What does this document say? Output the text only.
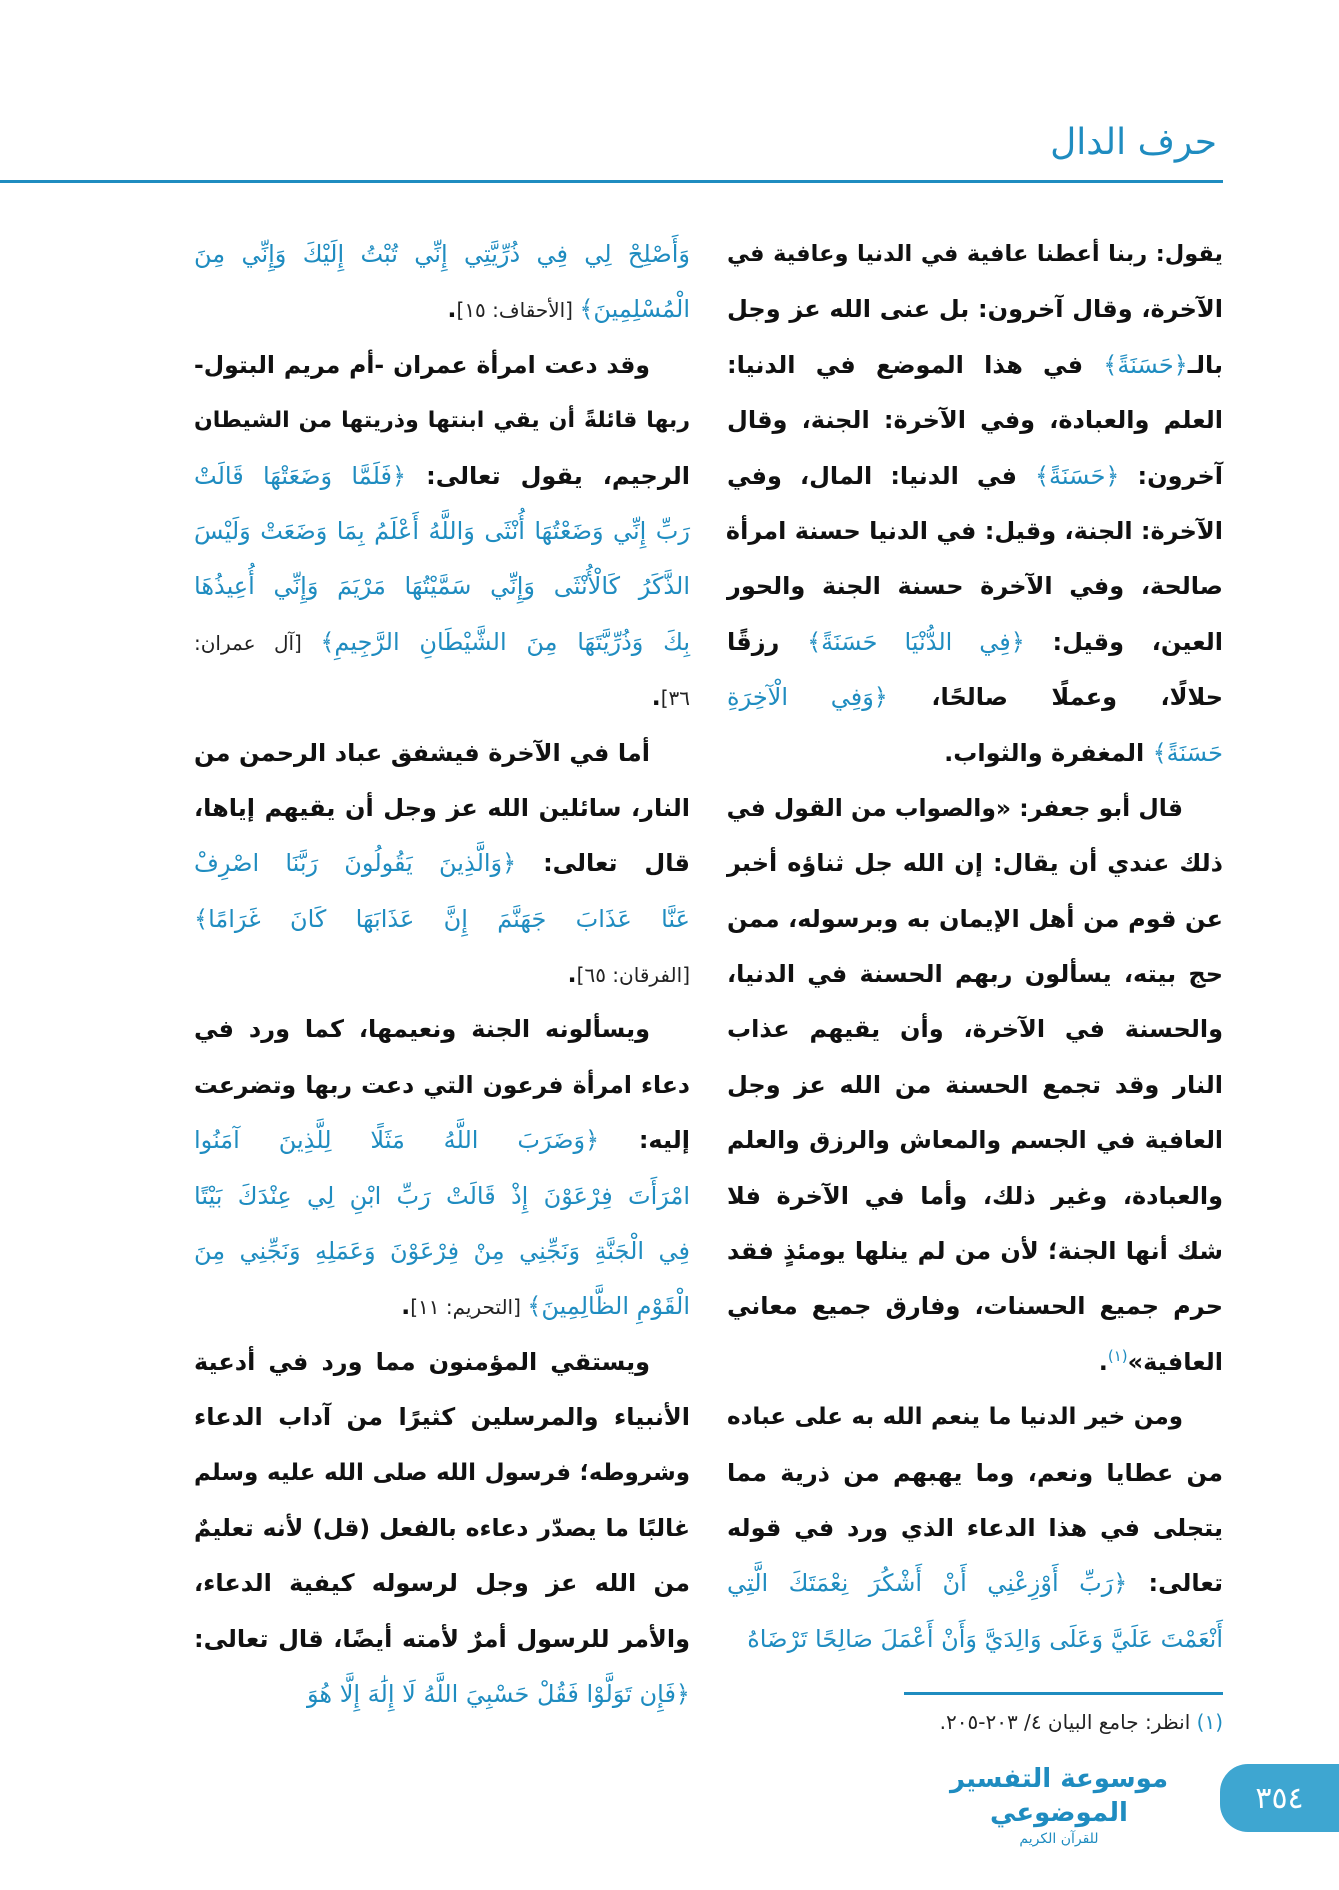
حرف الدال
يقول: ربنا أعطنا عافية في الدنيا وعافية في
الآخرة، وقال آخرون: بل عنى الله عز وجل
بالـ﴿حَسَنَةً﴾ في هذا الموضع في الدنيا:
العلم والعبادة، وفي الآخرة: الجنة، وقال
آخرون: ﴿حَسَنَةً﴾ في الدنيا: المال، وفي
الآخرة: الجنة، وقيل: في الدنيا حسنة امرأة
صالحة، وفي الآخرة حسنة الجنة والحور
العين، وقيل: ﴿فِي الدُّنْيَا حَسَنَةً﴾ رزقًا
حلالًا، وعملًا صالحًا، ﴿وَفِي الْآخِرَةِ
حَسَنَةً﴾ المغفرة والثواب.
قال أبو جعفر: «والصواب من القول في
ذلك عندي أن يقال: إن الله جل ثناؤه أخبر
عن قوم من أهل الإيمان به وبرسوله، ممن
حج بيته، يسألون ربهم الحسنة في الدنيا،
والحسنة في الآخرة، وأن يقيهم عذاب
النار وقد تجمع الحسنة من الله عز وجل
العافية في الجسم والمعاش والرزق والعلم
والعبادة، وغير ذلك، وأما في الآخرة فلا
شك أنها الجنة؛ لأن من لم ينلها يومئذٍ فقد
حرم جميع الحسنات، وفارق جميع معاني
العافية»$^{(١)}$.
ومن خير الدنيا ما ينعم الله به على عباده
من عطايا ونعم، وما يهبهم من ذرية مما
يتجلى في هذا الدعاء الذي ورد في قوله
تعالى: ﴿رَبِّ أَوْزِعْنِي أَنْ أَشْكُرَ نِعْمَتَكَ الَّتِي
أَنْعَمْتَ عَلَيَّ وَعَلَى وَالِدَيَّ وَأَنْ أَعْمَلَ صَالِحًا تَرْضَاهُ
وَأَصْلِحْ لِي فِي ذُرِّيَّتِي إِنِّي تُبْتُ إِلَيْكَ وَإِنِّي مِنَ
الْمُسْلِمِينَ﴾ [الأحقاف: ١٥].
وقد دعت امرأة عمران -أم مريم البتول-
ربها قائلةً أن يقي ابنتها وذريتها من الشيطان
الرجيم، يقول تعالى: ﴿فَلَمَّا وَضَعَتْهَا قَالَتْ
رَبِّ إِنِّي وَضَعْتُهَا أُنْثَى وَاللَّهُ أَعْلَمُ بِمَا وَضَعَتْ وَلَيْسَ
الذَّكَرُ كَالْأُنْثَى وَإِنِّي سَمَّيْتُهَا مَرْيَمَ وَإِنِّي أُعِيذُهَا
بِكَ وَذُرِّيَّتَهَا مِنَ الشَّيْطَانِ الرَّجِيمِ﴾ [آل عمران:
٣٦].
أما في الآخرة فيشفق عباد الرحمن من
النار، سائلين الله عز وجل أن يقيهم إياها،
قال تعالى: ﴿وَالَّذِينَ يَقُولُونَ رَبَّنَا اصْرِفْ
عَنَّا عَذَابَ جَهَنَّمَ إِنَّ عَذَابَهَا كَانَ غَرَامًا﴾
[الفرقان: ٦٥].
ويسألونه الجنة ونعيمها، كما ورد في
دعاء امرأة فرعون التي دعت ربها وتضرعت
إليه: ﴿وَضَرَبَ اللَّهُ مَثَلًا لِلَّذِينَ آمَنُوا
امْرَأَتَ فِرْعَوْنَ إِذْ قَالَتْ رَبِّ ابْنِ لِي عِنْدَكَ بَيْتًا
فِي الْجَنَّةِ وَنَجِّنِي مِنْ فِرْعَوْنَ وَعَمَلِهِ وَنَجِّنِي مِنَ
الْقَوْمِ الظَّالِمِينَ﴾ [التحريم: ١١].
ويستقي المؤمنون مما ورد في أدعية
الأنبياء والمرسلين كثيرًا من آداب الدعاء
وشروطه؛ فرسول الله صلى الله عليه وسلم
غالبًا ما يصدّر دعاءه بالفعل (قل) لأنه تعليمٌ
من الله عز وجل لرسوله كيفية الدعاء،
والأمر للرسول أمرٌ لأمته أيضًا، قال تعالى:
﴿فَإِن تَوَلَّوْا فَقُلْ حَسْبِيَ اللَّهُ لَا إِلَٰهَ إِلَّا هُوَ
(١) انظر: جامع البيان ٤/ ٢٠٣-٢٠٥.
موسوعة التفسير الموضوعي
للقرآن الكريم
٣٥٤
